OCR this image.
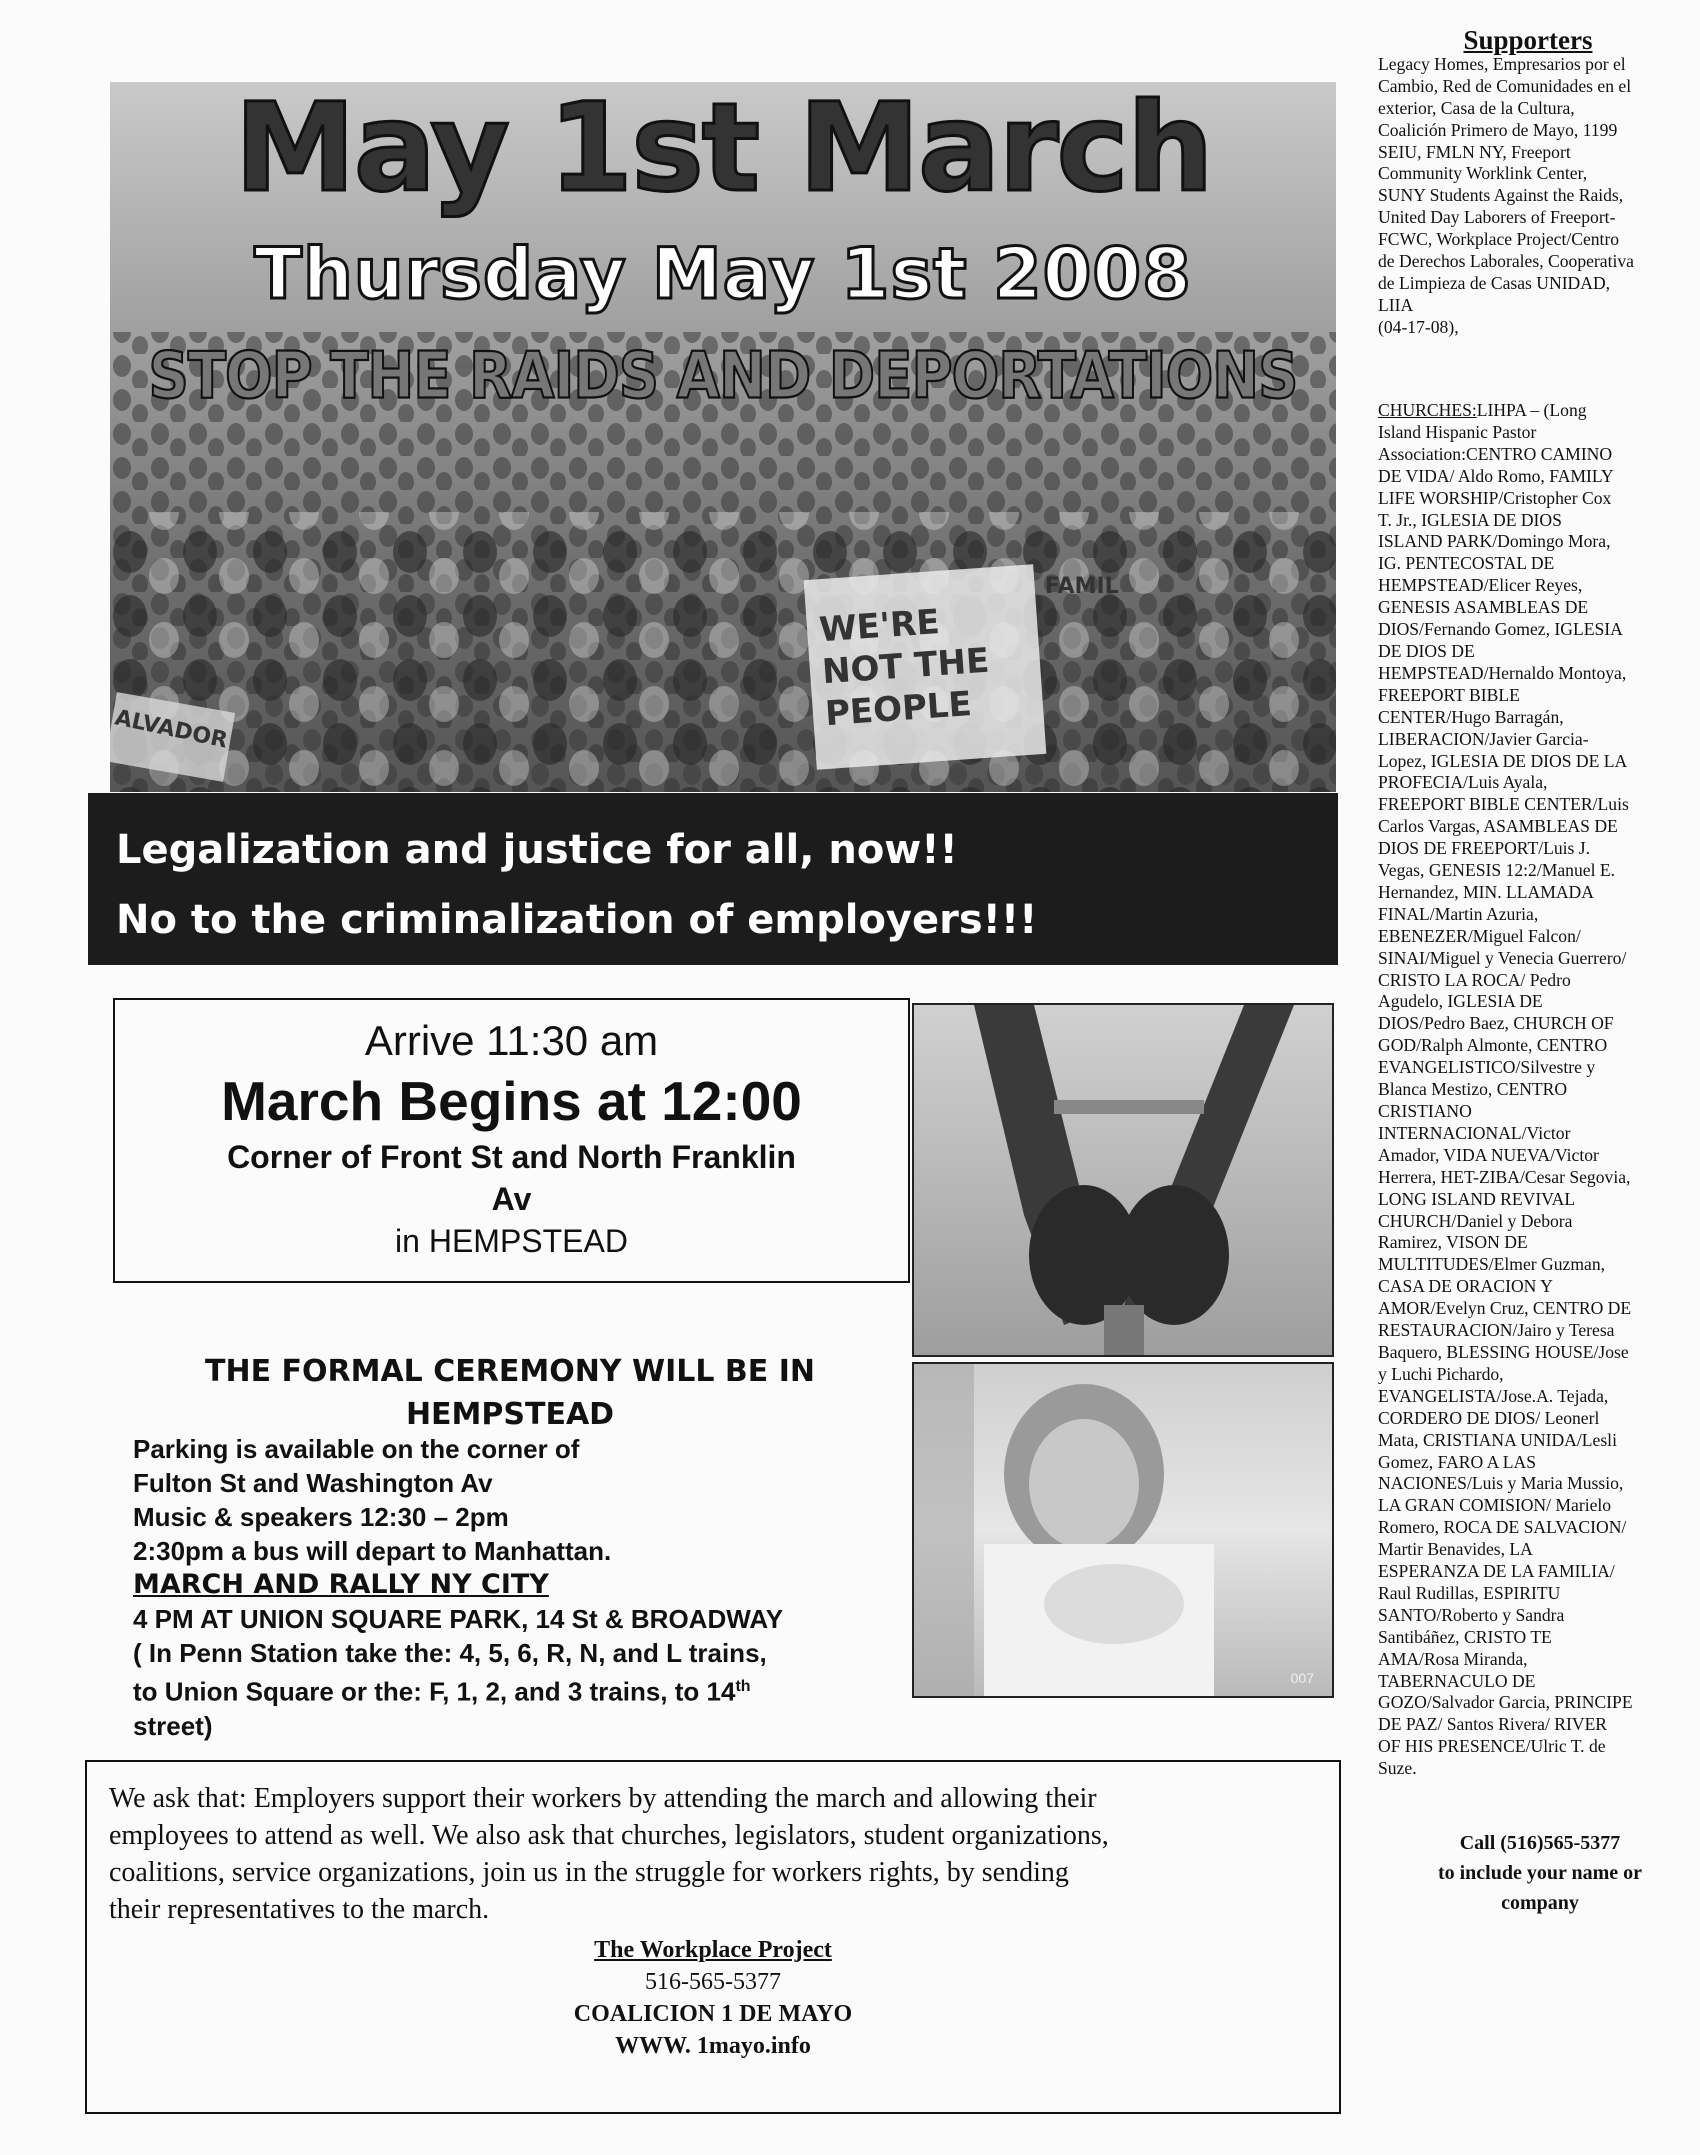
WE'RE NOT THE PEOPLE
FAMIL
ALVADOR
May 1st March
Thursday May 1st 2008
STOP THE RAIDS AND DEPORTATIONS
Legalization and justice for all, now!!
No to the criminalization of employers!!!
Arrive 11:30 am
March Begins at 12:00
Corner of Front St and North Franklin
Av
in HEMPSTEAD
THE FORMAL CEREMONY WILL BE IN
HEMPSTEAD
Parking is available on the corner of
Fulton St and Washington Av
Music & speakers 12:30 – 2pm
2:30pm a bus will depart to Manhattan.
MARCH AND RALLY NY CITY
4 PM AT UNION SQUARE PARK, 14 St & BROADWAY
( In Penn Station take the: 4, 5, 6, R, N, and L trains,
to Union Square or the: F, 1, 2, and 3 trains, to 14th
street)
007
We ask that: Employers support their workers by attending the march and allowing their
employees to attend as well. We also ask that churches, legislators, student organizations,
coalitions, service organizations, join us in the struggle for workers rights, by sending
their representatives to the march.
The Workplace Project
516-565-5377
COALICION 1 DE MAYO
WWW. 1mayo.info
Supporters
Legacy Homes, Empresarios por el
Cambio, Red de Comunidades en el
exterior, Casa de la Cultura,
Coalición Primero de Mayo, 1199
SEIU, FMLN NY, Freeport
Community Worklink Center,
SUNY Students Against the Raids,
United Day Laborers of Freeport-
FCWC, Workplace Project/Centro
de Derechos Laborales, Cooperativa
de Limpieza de Casas UNIDAD,
LIIA
(04-17-08),
CHURCHES:LIHPA – (Long
Island Hispanic Pastor
Association:CENTRO CAMINO
DE VIDA/ Aldo Romo, FAMILY
LIFE WORSHIP/Cristopher Cox
T. Jr., IGLESIA DE DIOS
ISLAND PARK/Domingo Mora,
IG. PENTECOSTAL DE
HEMPSTEAD/Elicer Reyes,
GENESIS ASAMBLEAS DE
DIOS/Fernando Gomez, IGLESIA
DE DIOS DE
HEMPSTEAD/Hernaldo Montoya,
FREEPORT BIBLE
CENTER/Hugo Barragán,
LIBERACION/Javier Garcia-
Lopez, IGLESIA DE DIOS DE LA
PROFECIA/Luis Ayala,
FREEPORT BIBLE CENTER/Luis
Carlos Vargas, ASAMBLEAS DE
DIOS DE FREEPORT/Luis J.
Vegas, GENESIS 12:2/Manuel E.
Hernandez, MIN. LLAMADA
FINAL/Martin Azuria,
EBENEZER/Miguel Falcon/
SINAI/Miguel y Venecia Guerrero/
CRISTO LA ROCA/ Pedro
Agudelo, IGLESIA DE
DIOS/Pedro Baez, CHURCH OF
GOD/Ralph Almonte, CENTRO
EVANGELISTICO/Silvestre y
Blanca Mestizo, CENTRO
CRISTIANO
INTERNACIONAL/Victor
Amador, VIDA NUEVA/Victor
Herrera, HET-ZIBA/Cesar Segovia,
LONG ISLAND REVIVAL
CHURCH/Daniel y Debora
Ramirez, VISON DE
MULTITUDES/Elmer Guzman,
CASA DE ORACION Y
AMOR/Evelyn Cruz, CENTRO DE
RESTAURACION/Jairo y Teresa
Baquero, BLESSING HOUSE/Jose
y Luchi Pichardo,
EVANGELISTA/Jose.A. Tejada,
CORDERO DE DIOS/ Leonerl
Mata, CRISTIANA UNIDA/Lesli
Gomez, FARO A LAS
NACIONES/Luis y Maria Mussio,
LA GRAN COMISION/ Marielo
Romero, ROCA DE SALVACION/
Martir Benavides, LA
ESPERANZA DE LA FAMILIA/
Raul Rudillas, ESPIRITU
SANTO/Roberto y Sandra
Santibáñez, CRISTO TE
AMA/Rosa Miranda,
TABERNACULO DE
GOZO/Salvador Garcia, PRINCIPE
DE PAZ/ Santos Rivera/ RIVER
OF HIS PRESENCE/Ulric T. de
Suze.
Call (516)565-5377
to include your name or
company
